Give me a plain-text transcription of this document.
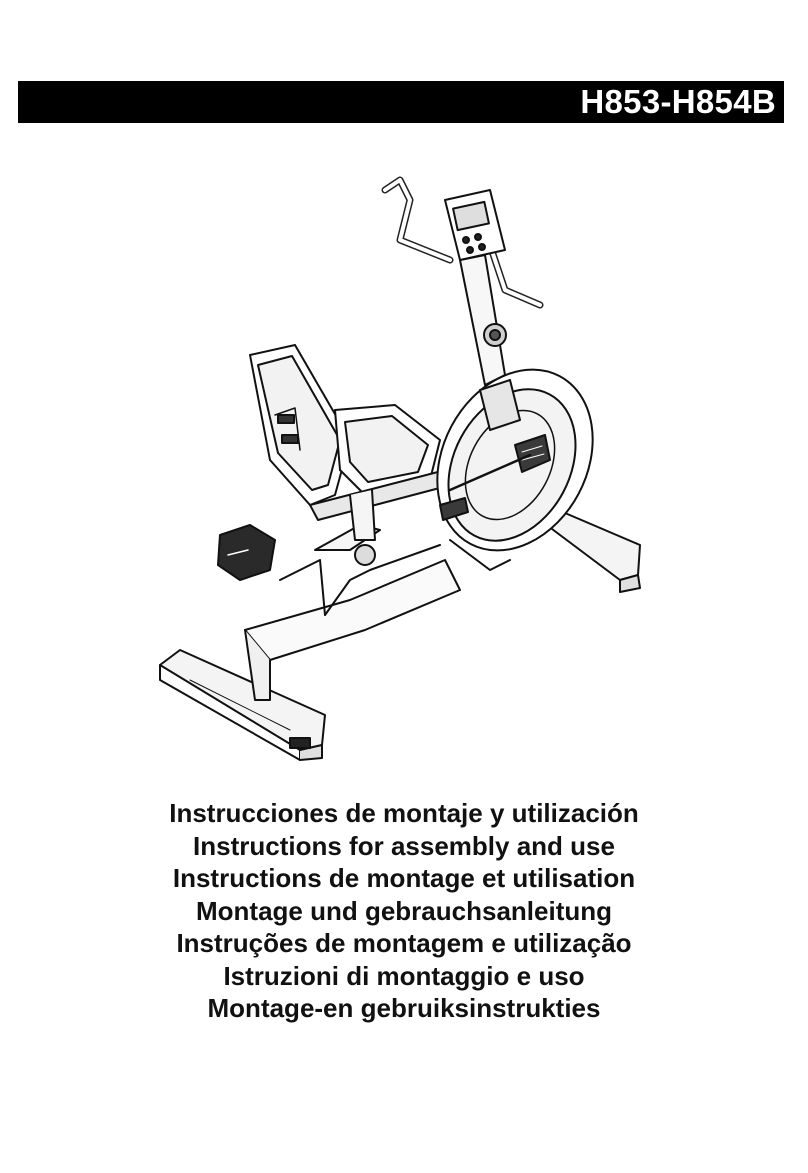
H853-H854B
Instrucciones de montaje y utilización
Instructions for assembly and use
Instructions de montage et utilisation
Montage und gebrauchsanleitung
Instruções de montagem e utilização
Istruzioni di montaggio e uso
Montage-en gebruiksinstrukties
